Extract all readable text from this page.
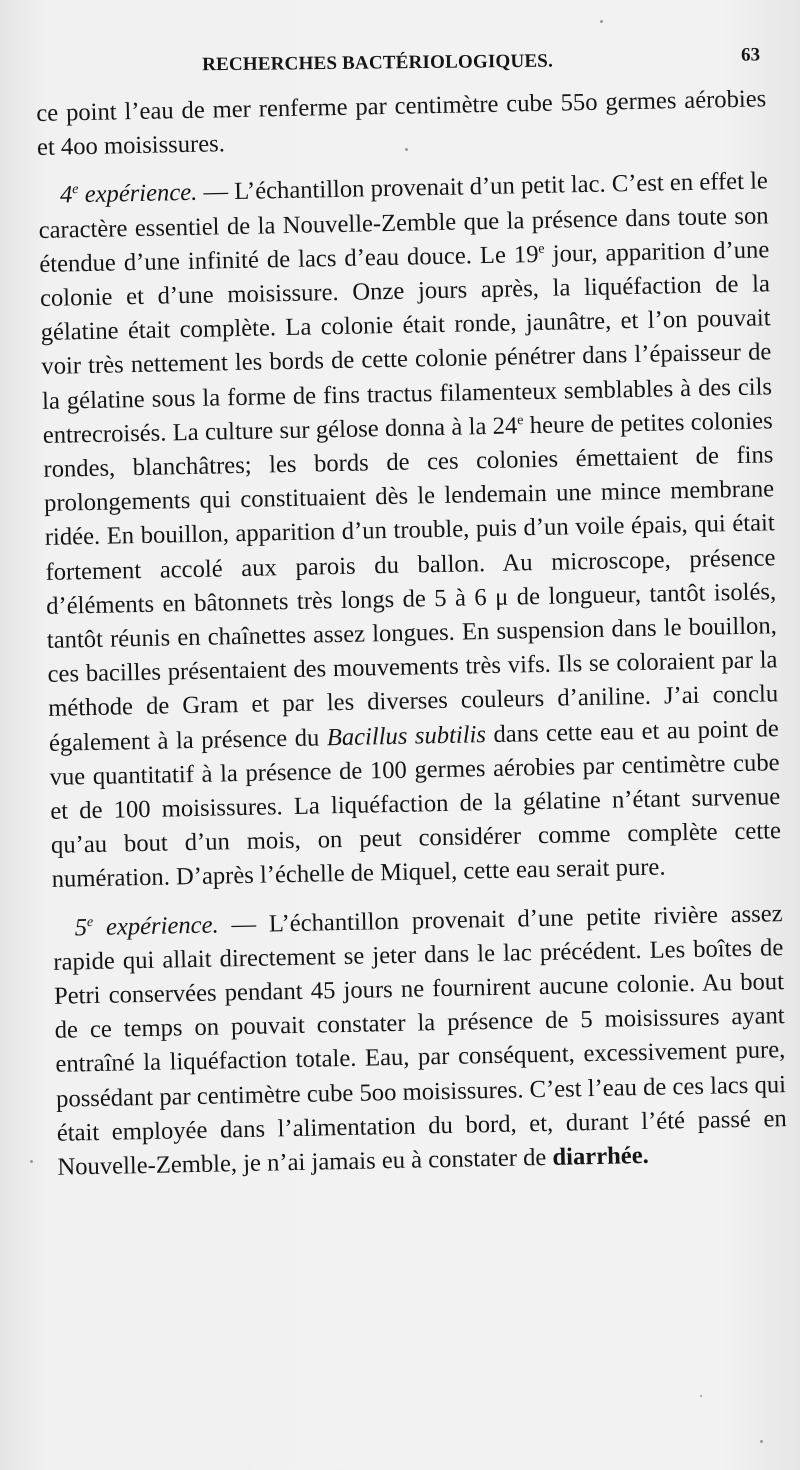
RECHERCHES BACTÉRIOLOGIQUES.	63

ce point l’eau de mer renferme par centimètre cube 55o germes aérobies et 4oo moisissures.

4e expérience. — L’échantillon provenait d’un petit lac. C’est en effet le caractère essentiel de la Nouvelle-Zemble que la présence dans toute son étendue d’une infinité de lacs d’eau douce. Le 19e jour, apparition d’une colonie et d’une moisissure. Onze jours après, la liquéfaction de la gélatine était complète. La colonie était ronde, jaunâtre, et l’on pouvait voir très nettement les bords de cette colonie pénétrer dans l’épaisseur de la gélatine sous la forme de fins tractus filamenteux semblables à des cils entrecroisés. La culture sur gélose donna à la 24e heure de petites colonies rondes, blanchâtres; les bords de ces colonies émettaient de fins prolongements qui constituaient dès le lendemain une mince membrane ridée. En bouillon, apparition d’un trouble, puis d’un voile épais, qui était fortement accolé aux parois du ballon. Au microscope, présence d’éléments en bâtonnets très longs de 5 à 6 μ de longueur, tantôt isolés, tantôt réunis en chaînettes assez longues. En suspension dans le bouillon, ces bacilles présentaient des mouvements très vifs. Ils se coloraient par la méthode de Gram et par les diverses couleurs d’aniline. J’ai conclu également à la présence du Bacillus subtilis dans cette eau et au point de vue quantitatif à la présence de 100 germes aérobies par centimètre cube et de 100 moisissures. La liquéfaction de la gélatine n’étant survenue qu’au bout d’un mois, on peut considérer comme complète cette numération. D’après l’échelle de Miquel, cette eau serait pure.

5e expérience. — L’échantillon provenait d’une petite rivière assez rapide qui allait directement se jeter dans le lac précédent. Les boîtes de Petri conservées pendant 45 jours ne fournirent aucune colonie. Au bout de ce temps on pouvait constater la présence de 5 moisissures ayant entraîné la liquéfaction totale. Eau, par conséquent, excessivement pure, possédant par centimètre cube 5oo moisissures. C’est l’eau de ces lacs qui était employée dans l’alimentation du bord, et, durant l’été passé en Nouvelle-Zemble, je n’ai jamais eu à constater de diarrhée.
